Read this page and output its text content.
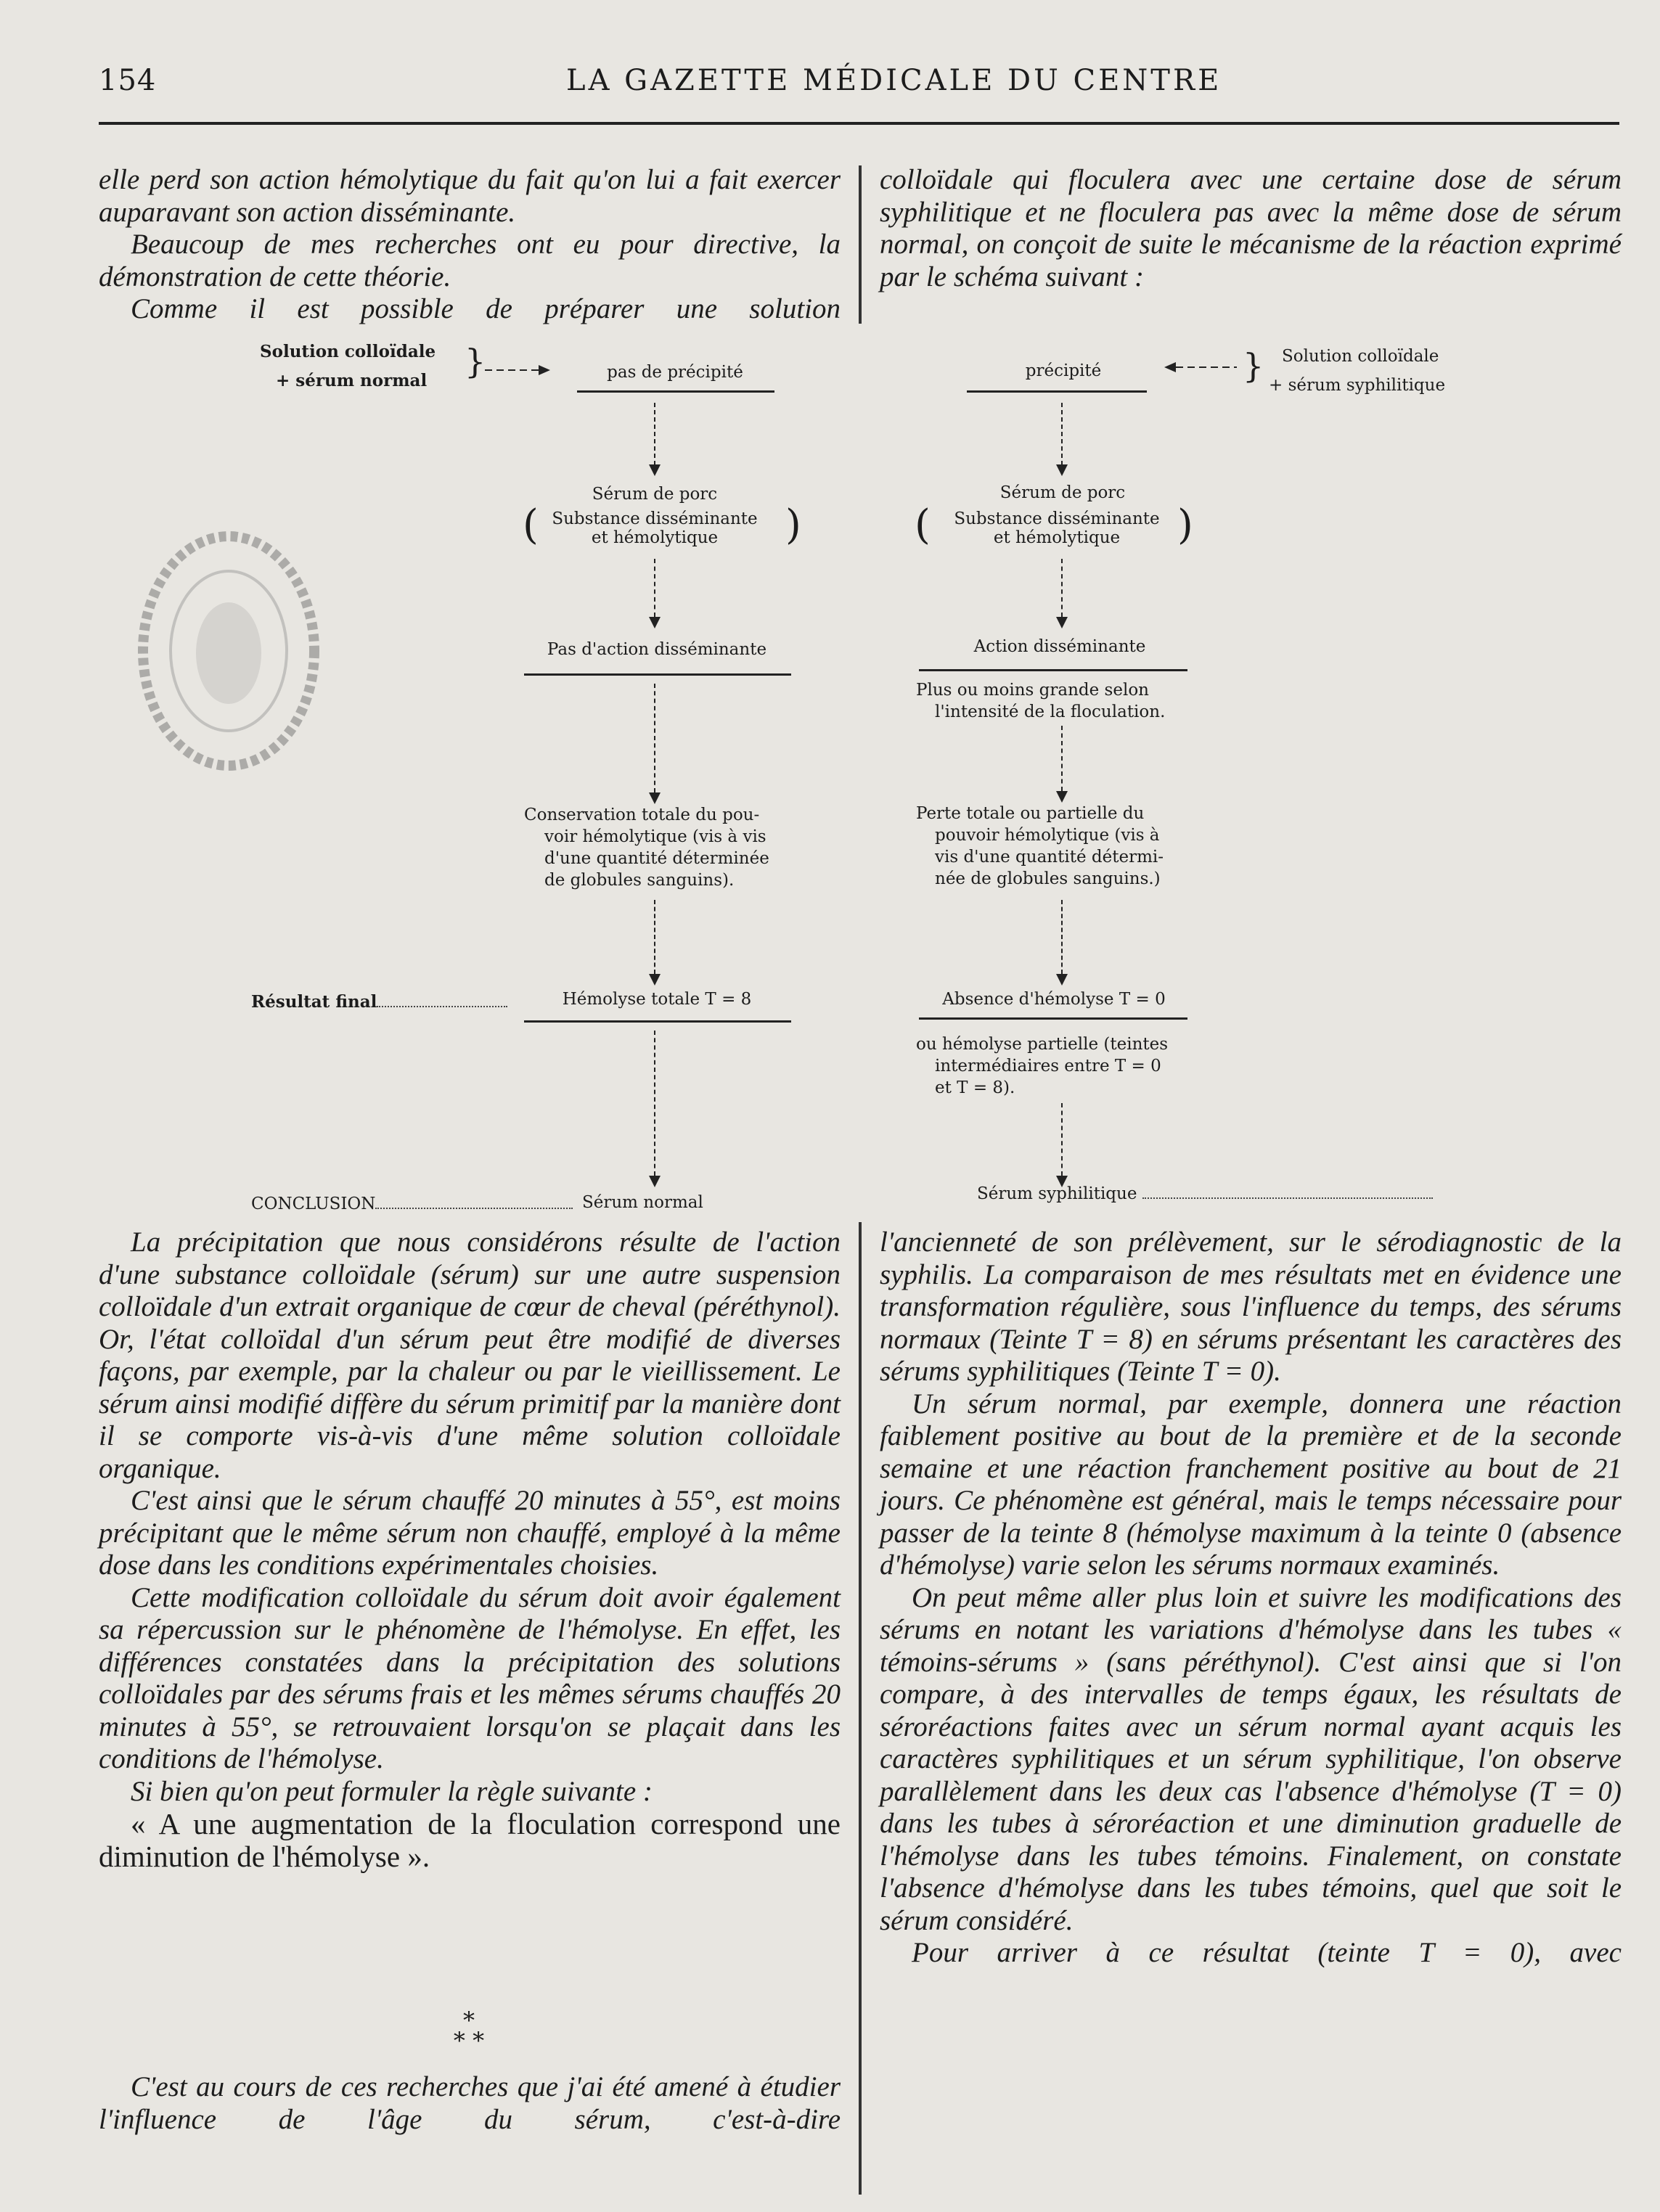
154	LA GAZETTE MÉDICALE DU CENTRE

elle perd son action hémolytique du fait qu'on lui a fait exercer auparavant son action disséminante.

Beaucoup de mes recherches ont eu pour directive, la démonstration de cette théorie.

Comme il est possible de préparer une solution

colloïdale qui floculera avec une certaine dose de sérum syphilitique et ne floculera pas avec la même dose de sérum normal, on conçoit de suite le mécanisme de la réaction exprimé par le schéma suivant :

Solution colloïdale
+ sérum normal }	pas de précipité
Sérum de porc
( Substance disséminante
et hémolytique	)
Pas d'action disséminante
Conservation totale du pou-
voir hémolytique (vis à vis
d'une quantité déterminée
de globules sanguins).
Résultat final	Hémolyse totale T = 8
CONCLUSION	Sérum normal
Solution colloïdale
+ sérum syphilitique
}
précipité
Sérum de porc
(	Substance disséminante
et hémolytique	)
Action disséminante
Plus ou moins grande selon
l'intensité de la floculation.
Perte totale ou partielle du
pouvoir hémolytique (vis à
vis d'une quantité détermi-
née de globules sanguins.)
Absence d'hémolyse T = 0
ou hémolyse partielle (teintes
intermédiaires entre T = 0
et T = 8).
Sérum syphilitique

La précipitation que nous considérons résulte de l'action d'une substance colloïdale (sérum) sur une autre suspension colloïdale d'un extrait organique de cœur de cheval (péréthynol). Or, l'état colloïdal d'un sérum peut être modifié de diverses façons, par exemple, par la chaleur ou par le vieillissement. Le sérum ainsi modifié diffère du sérum primitif par la manière dont il se comporte vis-à-vis d'une même solution colloïdale organique.

C'est ainsi que le sérum chauffé 20 minutes à 55°, est moins précipitant que le même sérum non chauffé, employé à la même dose dans les conditions expérimentales choisies.

Cette modification colloïdale du sérum doit avoir également sa répercussion sur le phénomène de l'hémolyse. En effet, les différences constatées dans la précipitation des solutions colloïdales par des sérums frais et les mêmes sérums chauffés 20 minutes à 55°, se retrouvaient lorsqu'on se plaçait dans les conditions de l'hémolyse.

Si bien qu'on peut formuler la règle suivante :

« A une augmentation de la floculation correspond une diminution de l'hémolyse ».

*
* *

C'est au cours de ces recherches que j'ai été amené à étudier l'influence de l'âge du sérum, c'est-à-dire

l'ancienneté de son prélèvement, sur le sérodiagnostic de la syphilis. La comparaison de mes résultats met en évidence une transformation régulière, sous l'influence du temps, des sérums normaux (Teinte T = 8) en sérums présentant les caractères des sérums syphilitiques (Teinte T = 0).

Un sérum normal, par exemple, donnera une réaction faiblement positive au bout de la première et de la seconde semaine et une réaction franchement positive au bout de 21 jours. Ce phénomène est général, mais le temps nécessaire pour passer de la teinte 8 (hémolyse maximum à la teinte 0 (absence d'hémolyse) varie selon les sérums normaux examinés.

On peut même aller plus loin et suivre les modifications des sérums en notant les variations d'hémolyse dans les tubes « témoins-sérums » (sans péréthynol). C'est ainsi que si l'on compare, à des intervalles de temps égaux, les résultats de séroréactions faites avec un sérum normal ayant acquis les caractères syphilitiques et un sérum syphilitique, l'on observe parallèlement dans les deux cas l'absence d'hémolyse (T = 0) dans les tubes à séroréaction et une diminution graduelle de l'hémolyse dans les tubes témoins. Finalement, on constate l'absence d'hémolyse dans les tubes témoins, quel que soit le sérum considéré.

Pour arriver à ce résultat (teinte T = 0), avec
